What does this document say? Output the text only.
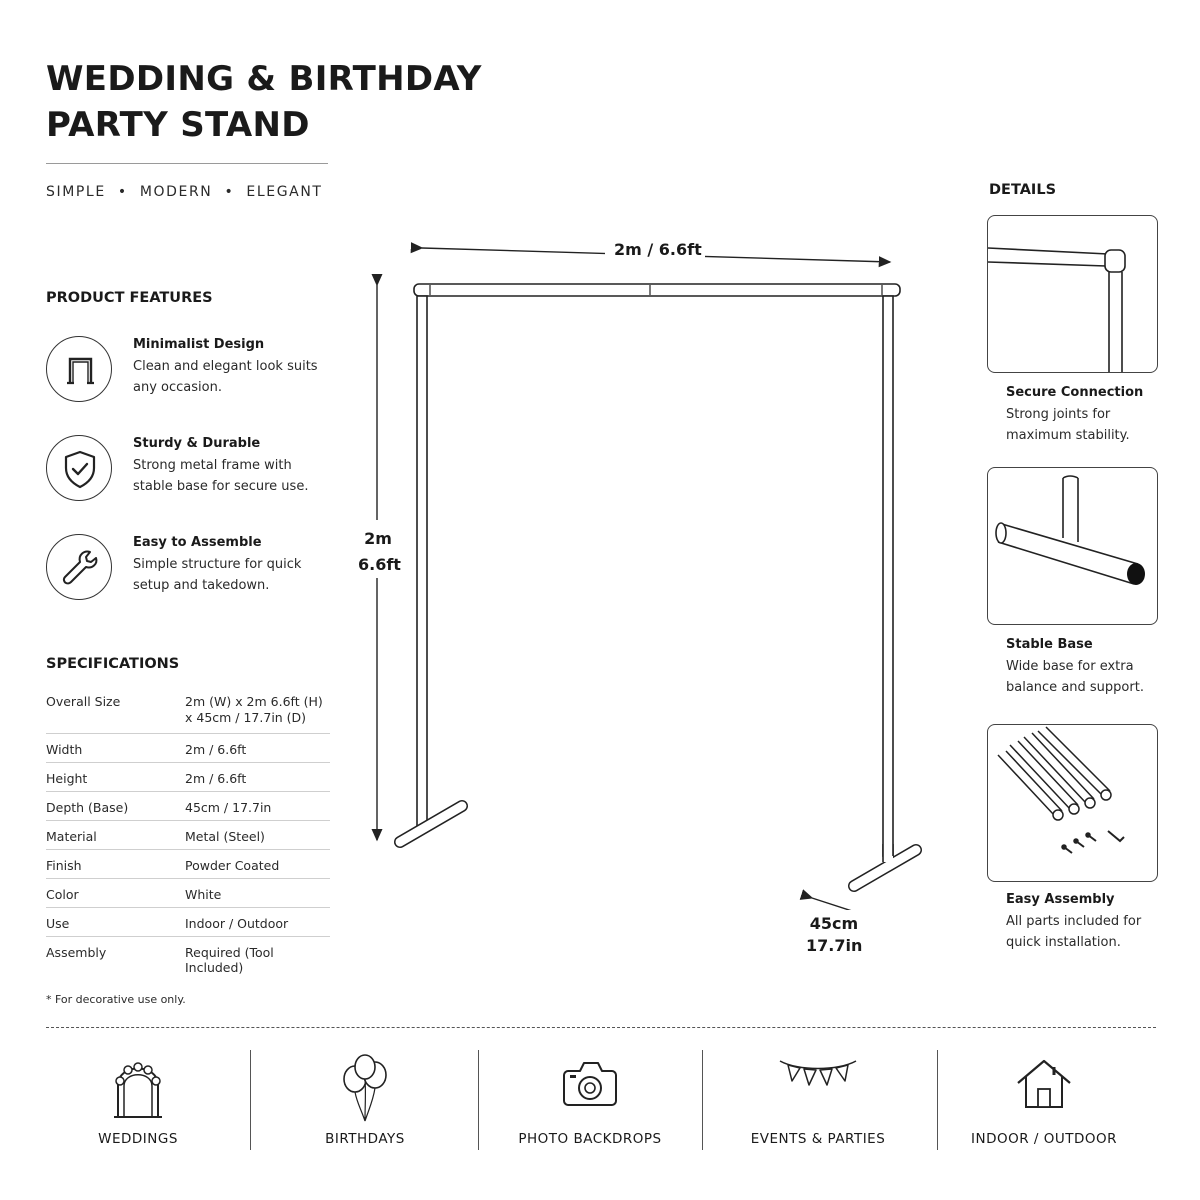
WEDDING & BIRTHDAY
PARTY STAND
SIMPLE  •  MODERN  •  ELEGANT
PRODUCT FEATURES
Minimalist Design
Clean and elegant look suits any occasion.
Sturdy & Durable
Strong metal frame with stable base for secure use.
Easy to Assemble
Simple structure for quick setup and takedown.
SPECIFICATIONS
Overall Size	2m (W) x 2m 6.6ft (H) x 45cm / 17.7in (D)
Width	2m / 6.6ft
Height	2m / 6.6ft
Depth (Base)	45cm / 17.7in
Material	Metal (Steel)
Finish	Powder Coated
Color	White
Use	Indoor / Outdoor
Assembly	Required (Tool Included)
* For decorative use only.
2m / 6.6ft
2m
6.6ft
45cm
17.7in
DETAILS
Secure Connection
Strong joints for maximum stability.
Stable Base
Wide base for extra balance and support.
Easy Assembly
All parts included for quick installation.
WEDDINGS	BIRTHDAYS	PHOTO BACKDROPS	EVENTS & PARTIES	INDOOR / OUTDOOR
